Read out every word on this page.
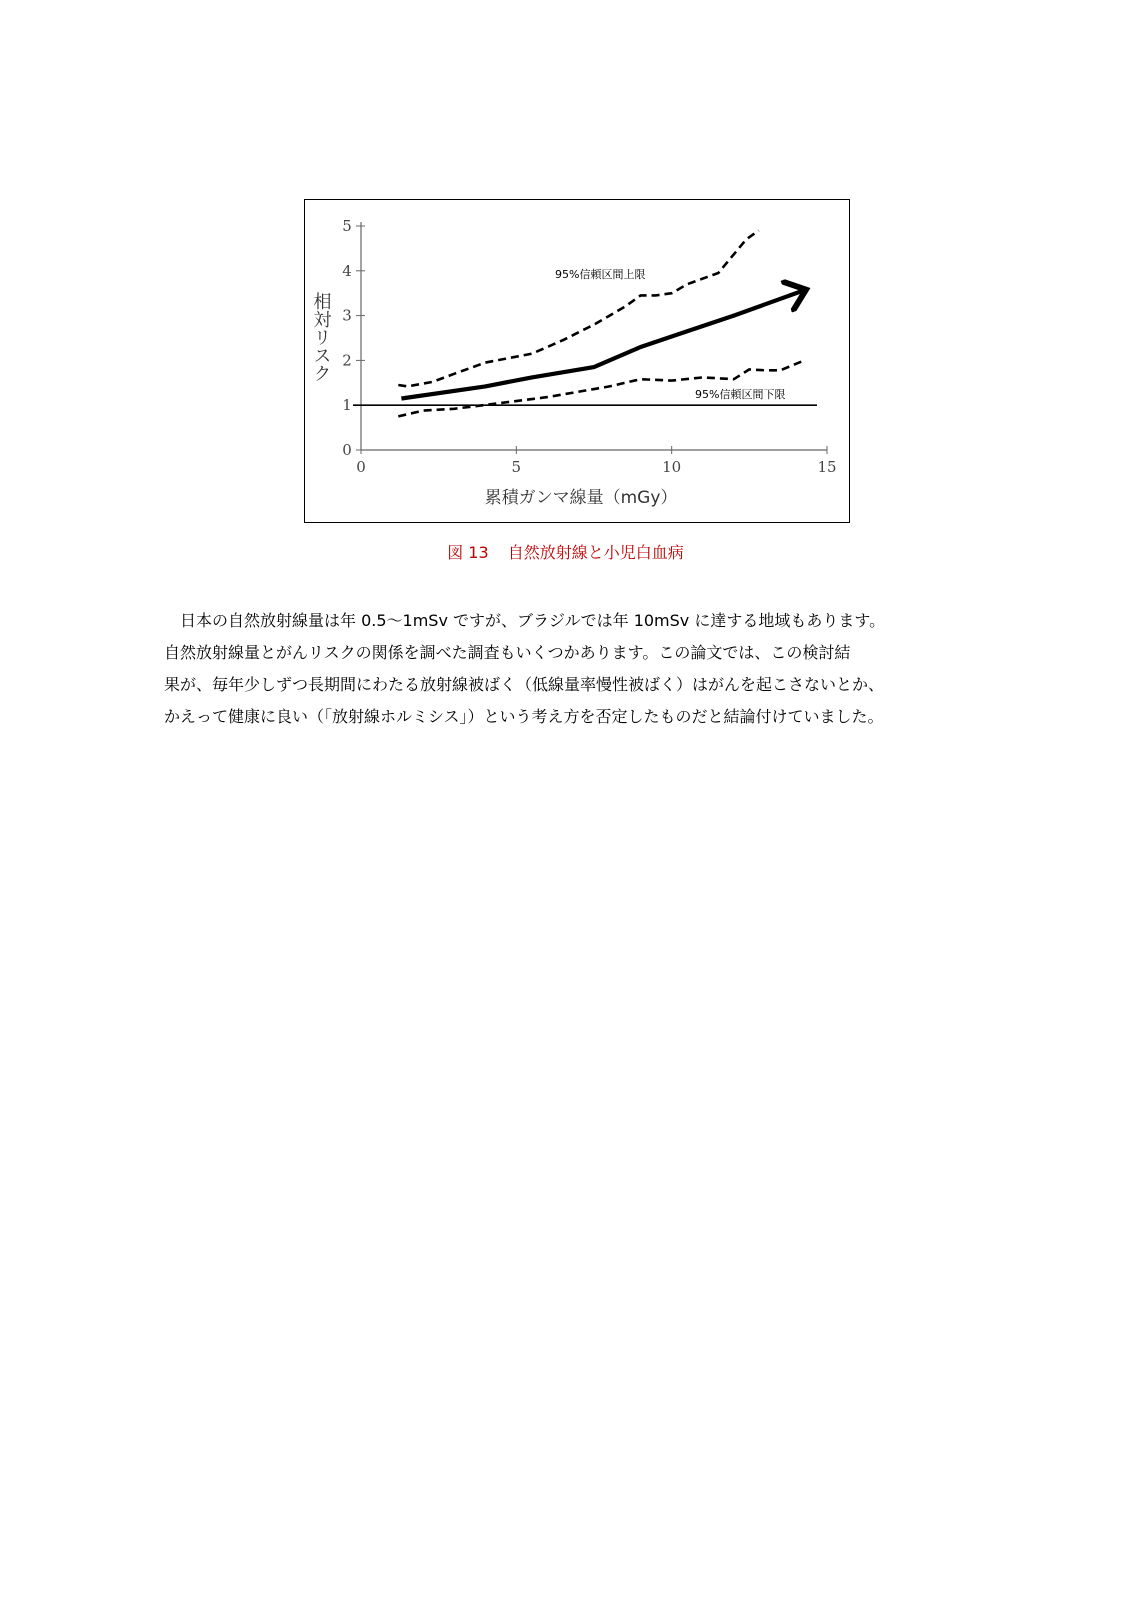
0
1
2
3
4
5
0	5	10	15
相対リスク
累積ガンマ線量（mGy）
95%信頼区間上限
95%信頼区間下限
図 13 自然放射線と小児白血病

日本の自然放射線量は年 0.5～1mSv ですが、ブラジルでは年 10mSv に達する地域もあります。

自然放射線量とがんリスクの関係を調べた調査もいくつかあります。この論文では、この検討結

果が、毎年少しずつ長期間にわたる放射線被ばく（低線量率慢性被ばく）はがんを起こさないとか、

かえって健康に良い（「放射線ホルミシス」）という考え方を否定したものだと結論付けていました。
